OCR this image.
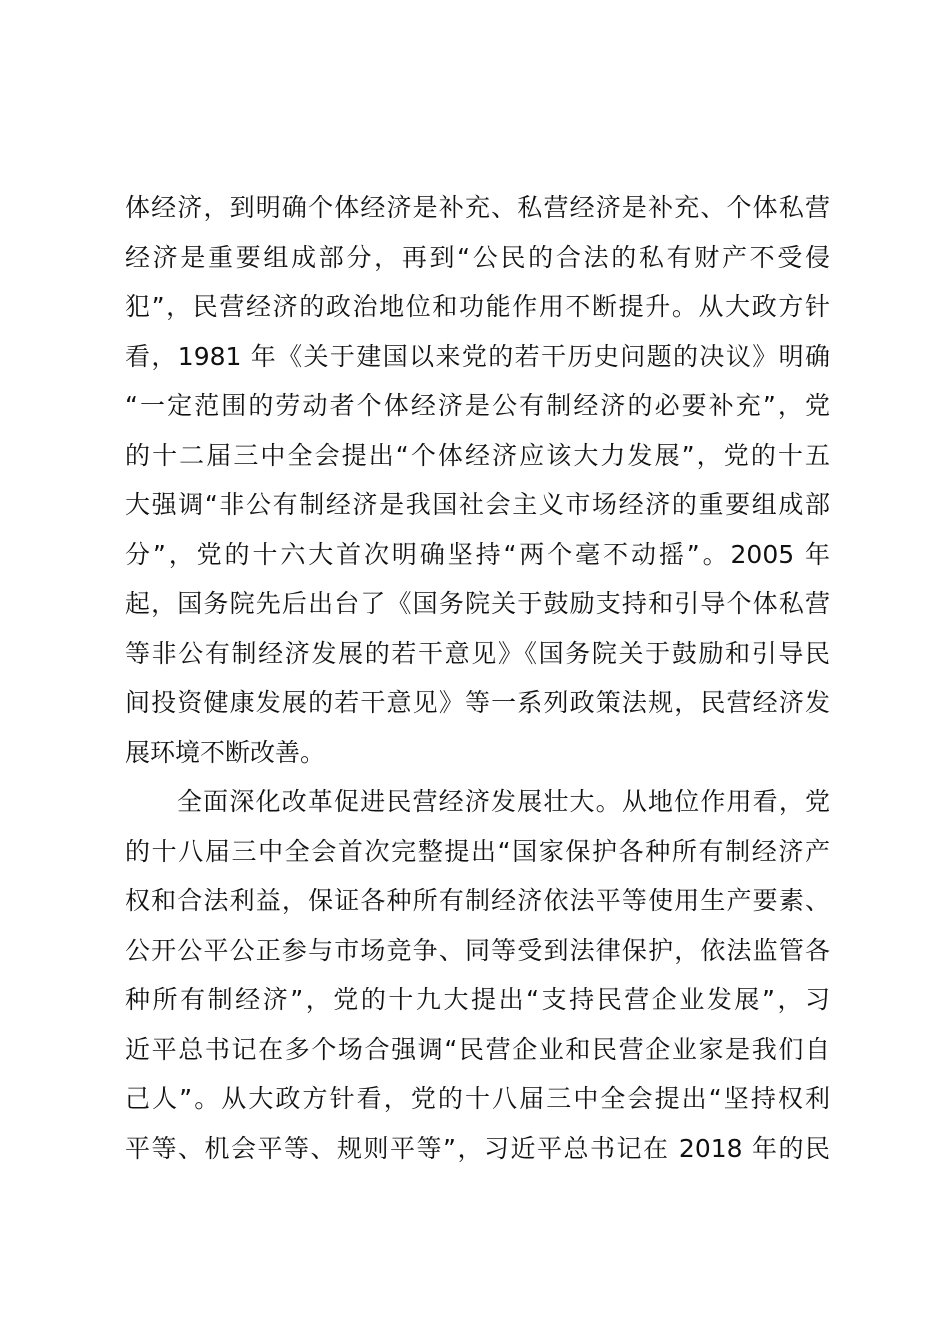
体经济，到明确个体经济是补充、私营经济是补充、个体私营
经济是重要组成部分，再到“公民的合法的私有财产不受侵
犯”，民营经济的政治地位和功能作用不断提升。从大政方针
看，1981 年《关于建国以来党的若干历史问题的决议》明确
“一定范围的劳动者个体经济是公有制经济的必要补充”，党
的十二届三中全会提出“个体经济应该大力发展”，党的十五
大强调“非公有制经济是我国社会主义市场经济的重要组成部
分”，党的十六大首次明确坚持“两个毫不动摇”。2005 年
起，国务院先后出台了《国务院关于鼓励支持和引导个体私营
等非公有制经济发展的若干意见》《国务院关于鼓励和引导民
间投资健康发展的若干意见》等一系列政策法规，民营经济发
展环境不断改善。
全面深化改革促进民营经济发展壮大。从地位作用看，党
的十八届三中全会首次完整提出“国家保护各种所有制经济产
权和合法利益，保证各种所有制经济依法平等使用生产要素、
公开公平公正参与市场竞争、同等受到法律保护，依法监管各
种所有制经济”，党的十九大提出“支持民营企业发展”，习
近平总书记在多个场合强调“民营企业和民营企业家是我们自
己人”。从大政方针看，党的十八届三中全会提出“坚持权利
平等、机会平等、规则平等”，习近平总书记在 2018 年的民
